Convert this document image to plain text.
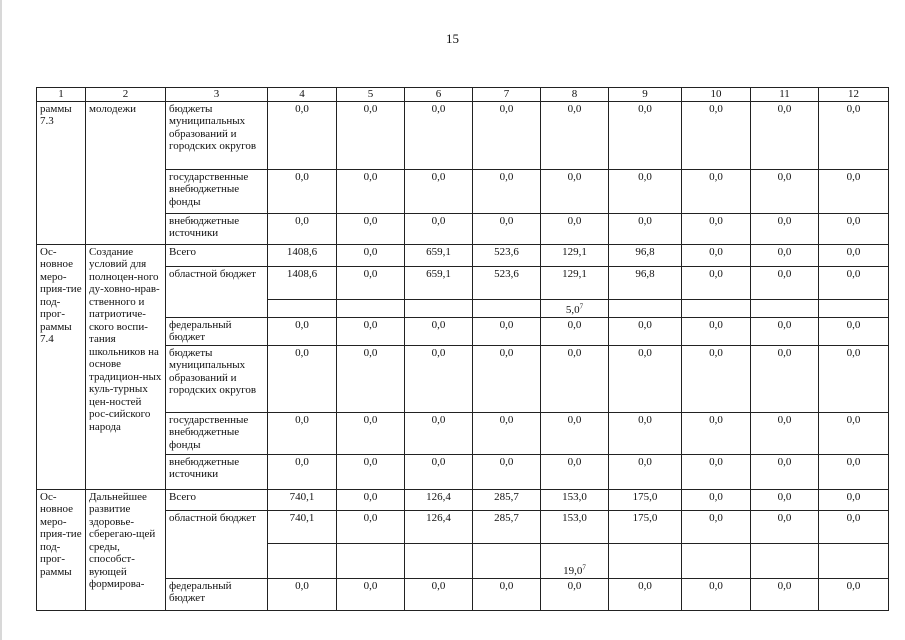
15
1	2	3	4	5	6	7	8	9	10	11	12
раммы 7.3	молодежи	бюджеты муниципальных образований и городских округов	0,0	0,0	0,0	0,0	0,0	0,0	0,0	0,0	0,0
		государственные внебюджетные фонды	0,0	0,0	0,0	0,0	0,0	0,0	0,0	0,0	0,0
		внебюджетные источники	0,0	0,0	0,0	0,0	0,0	0,0	0,0	0,0	0,0
Ос-новное меро-прия-тие под-прог-раммы 7.4	Создание условий для полноцен-ного ду-ховно-нрав-ственного и патриотиче-ского воспи-тания школьников на основе традицион-ных куль-турных цен-ностей рос-сийского народа	Всего	1408,6	0,0	659,1	523,6	129,1	96,8	0,0	0,0	0,0
		областной бюджет	1408,6	0,0	659,1	523,6	129,1	96,8	0,0	0,0	0,0
							$5,0^7$				
		федеральный бюджет	0,0	0,0	0,0	0,0	0,0	0,0	0,0	0,0	0,0
		бюджеты муниципальных образований и городских округов	0,0	0,0	0,0	0,0	0,0	0,0	0,0	0,0	0,0
		государственные внебюджетные фонды	0,0	0,0	0,0	0,0	0,0	0,0	0,0	0,0	0,0
		внебюджетные источники	0,0	0,0	0,0	0,0	0,0	0,0	0,0	0,0	0,0
Ос-новное меро-прия-тие под-прог-раммы	Дальнейшее развитие здоровье-сберегаю-щей среды, способст-вующей формирова-	Всего	740,1	0,0	126,4	285,7	153,0	175,0	0,0	0,0	0,0
		областной бюджет	740,1	0,0	126,4	285,7	153,0	175,0	0,0	0,0	0,0
							19,0$^7$				
		федеральный бюджет	0,0	0,0	0,0	0,0	0,0	0,0	0,0	0,0	0,0
